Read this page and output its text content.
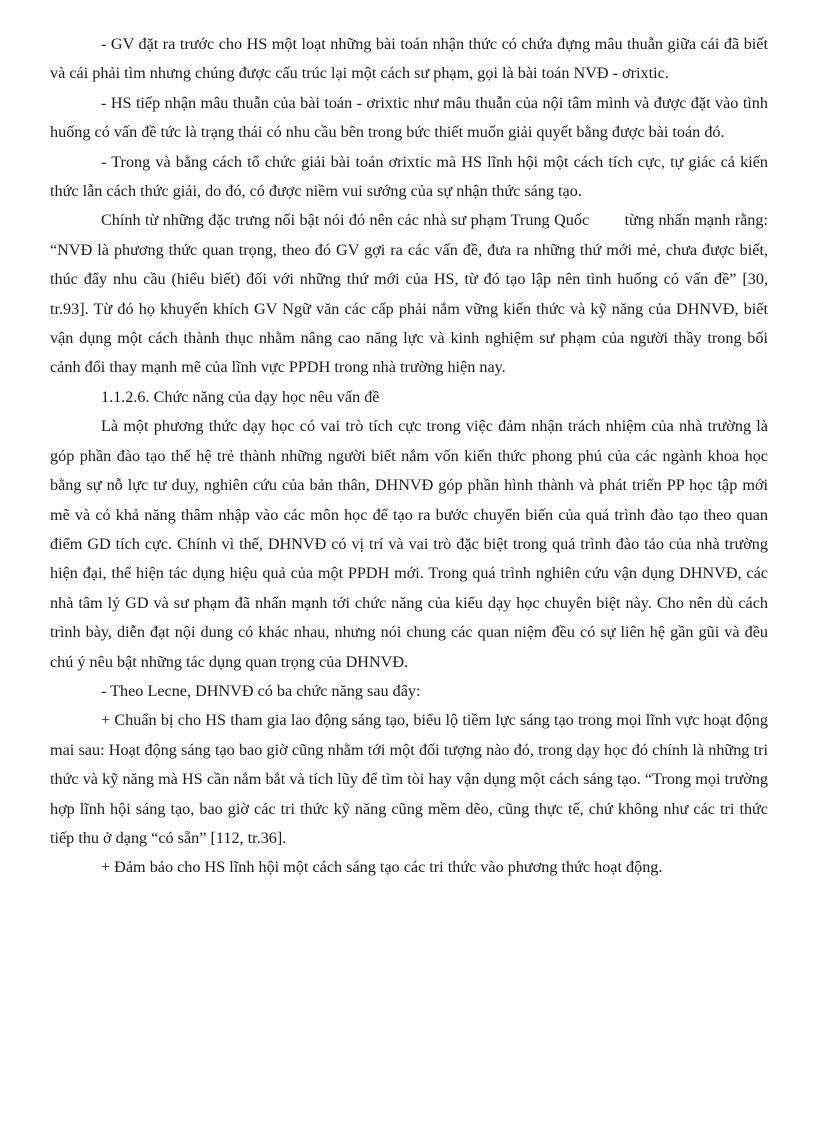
- GV đặt ra trước cho HS một loạt những bài toán nhận thức có chứa đựng mâu thuẫn giữa cái đã biết và cái phải tìm nhưng chúng được cấu trúc lại một cách sư phạm, gọi là bài toán NVĐ - ơrixtic.

- HS tiếp nhận mâu thuẫn của bài toán - ơrixtic như mâu thuẫn của nội tâm mình và được đặt vào tình huống có vấn đề tức là trạng thái có nhu cầu bên trong bức thiết muốn giải quyết bằng được bài toán đó.

- Trong và bằng cách tổ chức giải bài toán ơrixtic mà HS lĩnh hội một cách tích cực, tự giác cả kiến thức lẫn cách thức giải, do đó, có được niềm vui sướng của sự nhận thức sáng tạo.

Chính từ những đặc trưng nổi bật nói đó nên các nhà sư phạm Trung Quốc        từng nhấn mạnh rằng: “NVĐ là phương thức quan trọng, theo đó GV gợi ra các vấn đề, đưa ra những thứ mới mẻ, chưa được biết, thúc đẩy nhu cầu (hiểu biết) đối với những thứ mới của HS, từ đó tạo lập nên tình huống có vấn đề” [30, tr.93]. Từ đó họ khuyến khích GV Ngữ văn các cấp phải nắm vững kiến thức và kỹ năng của DHNVĐ, biết vận dụng một cách thành thục nhằm nâng cao năng lực và kinh nghiệm sư phạm của người thầy trong bối cảnh đổi thay mạnh mẽ của lĩnh vực PPDH trong nhà trường hiện nay.

1.1.2.6. Chức năng của dạy học nêu vấn đề

Là một phương thức dạy học có vai trò tích cực trong việc đảm nhận trách nhiệm của nhà trường là góp phần đào tạo thế hệ trẻ thành những người biết nắm vốn kiến thức phong phú của các ngành khoa học bằng sự nỗ lực tư duy, nghiên cứu của bản thân, DHNVĐ góp phần hình thành và phát triển PP học tập mới mẽ và có khả năng thâm nhập vào các môn học để tạo ra bước chuyển biến của quá trình đào tạo theo quan điểm GD tích cực. Chính vì thế, DHNVĐ có vị trí và vai trò đặc biệt trong quá trình đào tảo của nhà trường hiện đại, thể hiện tác dụng hiệu quả của một PPDH mới. Trong quá trình nghiên cứu vận dụng DHNVĐ, các nhà tâm lý GD và sư phạm đã nhấn mạnh tới chức năng của kiểu dạy học chuyên biệt này. Cho nên dù cách trình bày, diễn đạt nội dung có khác nhau, nhưng nói chung các quan niệm đều có sự liên hệ gần gũi và đều chú ý nêu bật những tác dụng quan trọng của DHNVĐ.

- Theo Lecne, DHNVĐ có ba chức năng sau đây:

+ Chuẩn bị cho HS tham gia lao động sáng tạo, biểu lộ tiềm lực sáng tạo trong mọi lĩnh vực hoạt động mai sau: Hoạt động sáng tạo bao giờ cũng nhằm tới một đối tượng nào đó, trong dạy học đó chính là những tri thức và kỹ năng mà HS cần nắm bắt và tích lũy để tìm tòi hay vận dụng một cách sáng tạo. “Trong mọi trường hợp lĩnh hội sáng tạo, bao giờ các tri thức kỹ năng cũng mềm dẽo, cũng thực tế, chứ không như các tri thức tiếp thu ở dạng “có sẵn” [112, tr.36].

+ Đảm bảo cho HS lĩnh hội một cách sáng tạo các tri thức vào phương thức hoạt động.
